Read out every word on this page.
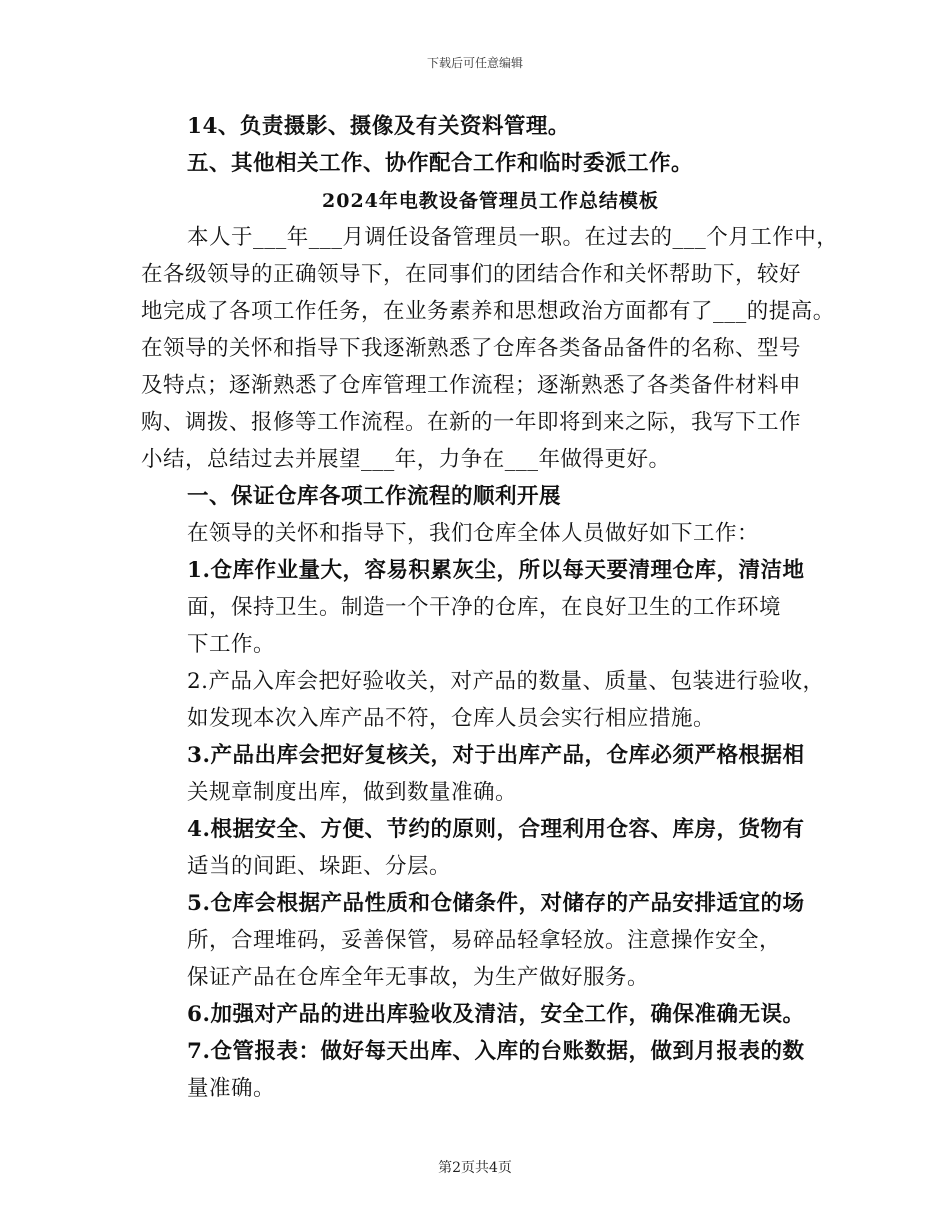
下载后可任意编辑
14、负责摄影、摄像及有关资料管理。
五、其他相关工作、协作配合工作和临时委派工作。
2024年电教设备管理员工作总结模板
本人于___年___月调任设备管理员一职。在过去的___个月工作中，
在各级领导的正确领导下，在同事们的团结合作和关怀帮助下，较好
地完成了各项工作任务，在业务素养和思想政治方面都有了___的提高。
在领导的关怀和指导下我逐渐熟悉了仓库各类备品备件的名称、型号
及特点；逐渐熟悉了仓库管理工作流程；逐渐熟悉了各类备件材料申
购、调拨、报修等工作流程。在新的一年即将到来之际，我写下工作
小结，总结过去并展望___年，力争在___年做得更好。
一、保证仓库各项工作流程的顺利开展
在领导的关怀和指导下，我们仓库全体人员做好如下工作：
1.仓库作业量大，容易积累灰尘，所以每天要清理仓库，清洁地
面，保持卫生。制造一个干净的仓库，在良好卫生的工作环境
下工作。
2.产品入库会把好验收关，对产品的数量、质量、包装进行验收，
如发现本次入库产品不符，仓库人员会实行相应措施。
3.产品出库会把好复核关，对于出库产品，仓库必须严格根据相
关规章制度出库，做到数量准确。
4.根据安全、方便、节约的原则，合理利用仓容、库房，货物有
适当的间距、垛距、分层。
5.仓库会根据产品性质和仓储条件，对储存的产品安排适宜的场
所，合理堆码，妥善保管，易碎品轻拿轻放。注意操作安全，
保证产品在仓库全年无事故，为生产做好服务。
6.加强对产品的进出库验收及清洁，安全工作，确保准确无误。
7.仓管报表：做好每天出库、入库的台账数据，做到月报表的数
量准确。
第2页共4页
